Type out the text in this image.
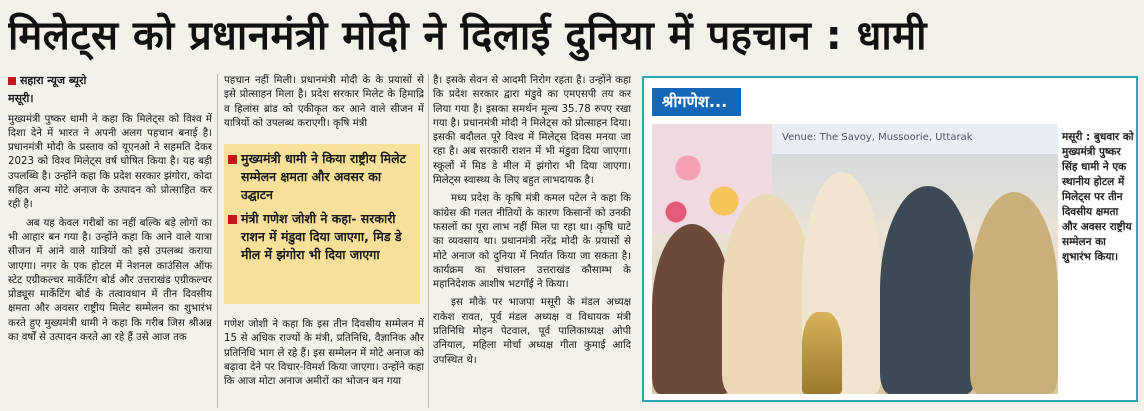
मिलेट्स को प्रधानमंत्री मोदी ने दिलाई दुनिया में पहचान : धामी
सहारा न्यूज ब्यूरो
मसूरी।

मुख्यमंत्री पुष्कर धामी ने कहा कि मिलेट्स को विश्व में दिशा देने में भारत ने अपनी अलग पहचान बनाई है। प्रधानमंत्री मोदी के प्रस्ताव को यूएनओ ने सहमति देकर 2023 को विश्व मिलेट्स वर्ष घोषित किया है। यह बड़ी उपलब्धि है। उन्होंने कहा कि प्रदेश सरकार झंगोरा, कोदा सहित अन्य मोटे अनाज के उत्पादन को प्रोत्साहित कर रही है।

अब यह केवल गरीबों का नहीं बल्कि बड़े लोगों का भी आहार बन गया है। उन्होंने कहा कि आने वाले यात्रा सीजन में आने वाले यात्रियों को इसे उपलब्ध कराया जाएगा। नगर के एक होटल में नेशनल काउंसिल ऑफ स्टेट एग्रीकल्चर मार्केटिंग बोर्ड और उत्तराखंड एग्रीकल्चर प्रोड्यूस मार्केटिंग बोर्ड के तत्वावधान में तीन दिवसीय क्षमता और अवसर राष्ट्रीय मिलेट सम्मेलन का शुभारंभ करते हुए मुख्यमंत्री धामी ने कहा कि गरीब जिस श्रीअन्न का वर्षों से उत्पादन करते आ रहे हैं उसे आज तक

पहचान नहीं मिली। प्रधानमंत्री मोदी के के प्रयासों से इसे प्रोत्साहन मिला है। प्रदेश सरकार मिलेट के हिमाद्रि व हिलांस ब्रांड को एकीकृत कर आने वाले सीजन में यात्रियों को उपलब्ध कराएगी। कृषि मंत्री
मुख्यमंत्री धामी ने किया राष्ट्रीय मिलेट सम्मेलन क्षमता और अवसर का उद्घाटन
मंत्री गणेश जोशी ने कहा- सरकारी राशन में मंडुवा दिया जाएगा, मिड डे मील में झंगोरा भी दिया जाएगा
गणेश जोशी ने कहा कि इस तीन दिवसीय सम्मेलन में 15 से अधिक राज्यों के मंत्री, प्रतिनिधि, वैज्ञानिक और प्रतिनिधि भाग ले रहे हैं। इस सम्मेलन में मोटे अनाज को बढ़ावा देने पर विचार-विमर्श किया जाएगा। उन्होंने कहा कि आज मोटा अनाज अमीरों का भोजन बन गया

है। इसके सेवन से आदमी निरोग रहता है। उन्होंने कहा कि प्रदेश सरकार द्वारा मंडुवे का एमएसपी तय कर लिया गया है। इसका समर्थन मूल्य 35.78 रुपए रखा गया है। प्रधानमंत्री मोदी ने मिलेट्स को प्रोत्साहन दिया। इसकी बदौलत पूरे विश्व में मिलेट्स दिवस मनया जा रहा है। अब सरकारी राशन में भी मंडुवा दिया जाएगा। स्कूलों में मिड डे मील में झंगोरा भी दिया जाएगा। मिलेट्स स्वास्थ्य के लिए बहुत लाभदायक है।

मध्य प्रदेश के कृषि मंत्री कमल पटेल ने कहा कि कांग्रेस की गलत नीतियों के कारण किसानों को उनकी फसलों का पूरा लाभ नहीं मिल पा रहा था। कृषि घाटे का व्यवसाय था। प्रधानमंत्री नरेंद्र मोदी के प्रयासों से मोटे अनाज को दुनिया में निर्यात किया जा सकता है। कार्यक्रम का संचालन उत्तराखंड कौसाम्भ के महानिदेशक आशीष भटगाँई ने किया।

इस मौके पर भाजपा मसूरी के मंडल अध्यक्ष राकेश रावत, पूर्व मंडल अध्यक्ष व विधायक मंत्री प्रतिनिधि मोहन पेटवाल, पूर्व पालिकाध्यक्ष ओपी उनियाल, महिला मोर्चा अध्यक्ष गीता कुमाई आदि उपस्थित थे।

श्रीगणेश...
Venue: The Savoy, Mussoorie, Uttarak	मसूरी : बुधवार को मुख्यमंत्री पुष्कर सिंह धामी ने एक स्थानीय होटल में मिलेट्स पर तीन दिवसीय क्षमता और अवसर राष्ट्रीय सम्मेलन का शुभारंभ किया।
